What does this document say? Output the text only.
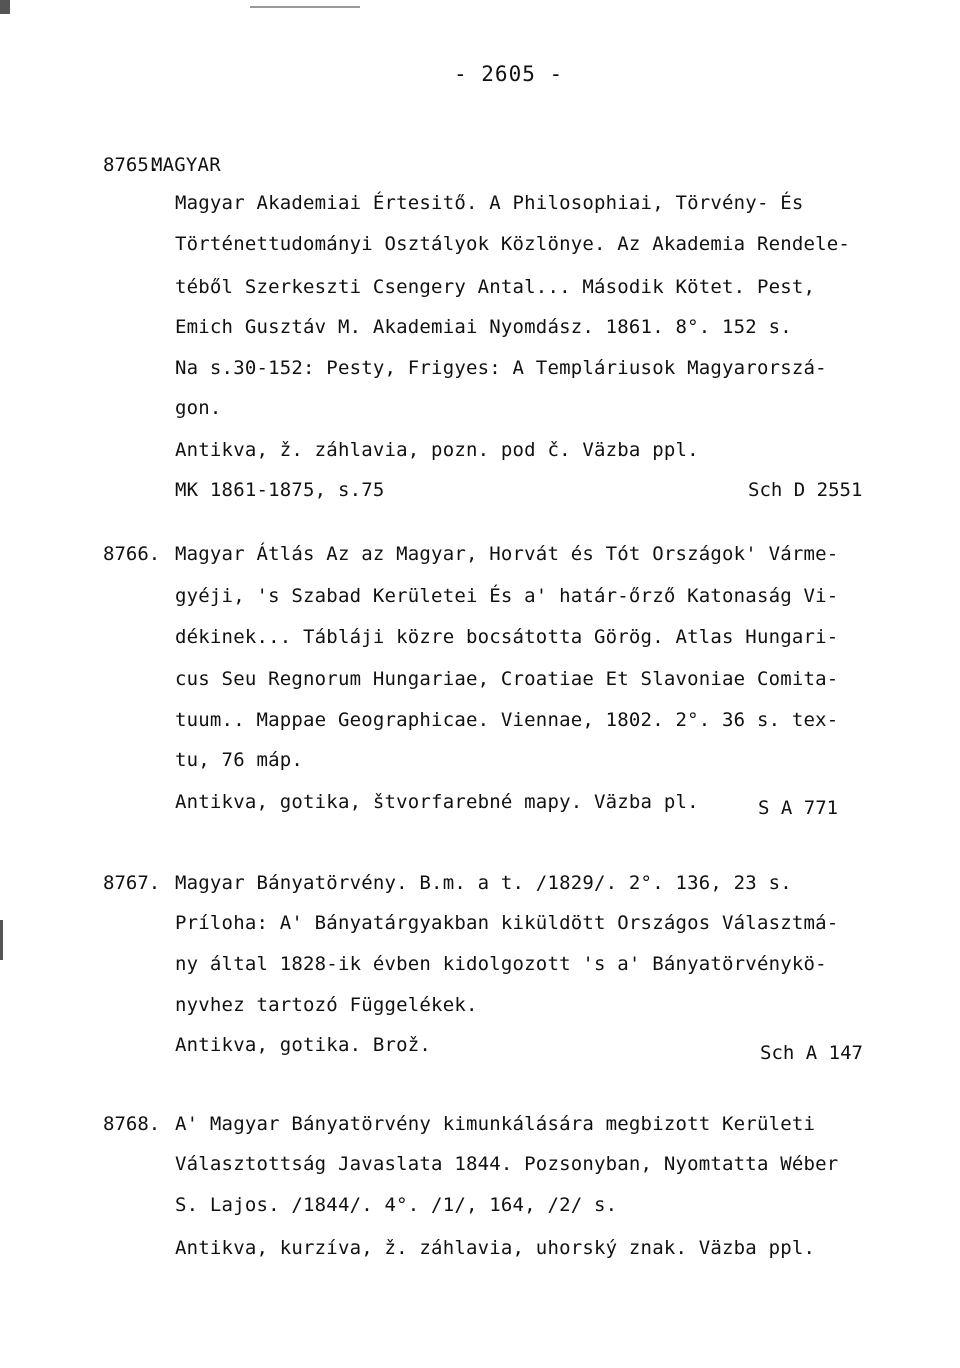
- 2605 -
8765.
MAGYAR
Magyar Akademiai Értesitő. A Philosophiai, Törvény- És
Történettudományi Osztályok Közlönye. Az Akademia Rendele-
téből Szerkeszti Csengery Antal... Második Kötet. Pest,
Emich Gusztáv M. Akademiai Nyomdász. 1861. 8°. 152 s.
Na s.30-152: Pesty, Frigyes: A Templáriusok Magyarorszá-
gon.
Antikva, ž. záhlavia, pozn. pod č. Väzba ppl.
MK 1861-1875, s.75	Sch D 2551
8766. Magyar Átlás Az az Magyar, Horvát és Tót Országok' Várme-
gyéji, 's Szabad Kerületei És a' határ-őrző Katonaság Vi-
dékinek... Tábláji közre bocsátotta Görög. Atlas Hungari-
cus Seu Regnorum Hungariae, Croatiae Et Slavoniae Comita-
tuum.. Mappae Geographicae. Viennae, 1802. 2°. 36 s. tex-
tu, 76 máp.
Antikva, gotika, štvorfarebné mapy. Väzba pl.	S A 771
8767. Magyar Bányatörvény. B.m. a t. /1829/. 2°. 136, 23 s.
Príloha: A' Bányatárgyakban kiküldött Országos Választmá-
ny által 1828-ik évben kidolgozott 's a' Bányatörvénykö-
nyvhez tartozó Függelékek.
Antikva, gotika. Brož.	Sch A 147
8768. A' Magyar Bányatörvény kimunkálására megbizott Kerületi
Választottság Javaslata 1844. Pozsonyban, Nyomtatta Wéber
S. Lajos. /1844/. 4°. /1/, 164, /2/ s.
Antikva, kurzíva, ž. záhlavia, uhorský znak. Väzba ppl.
